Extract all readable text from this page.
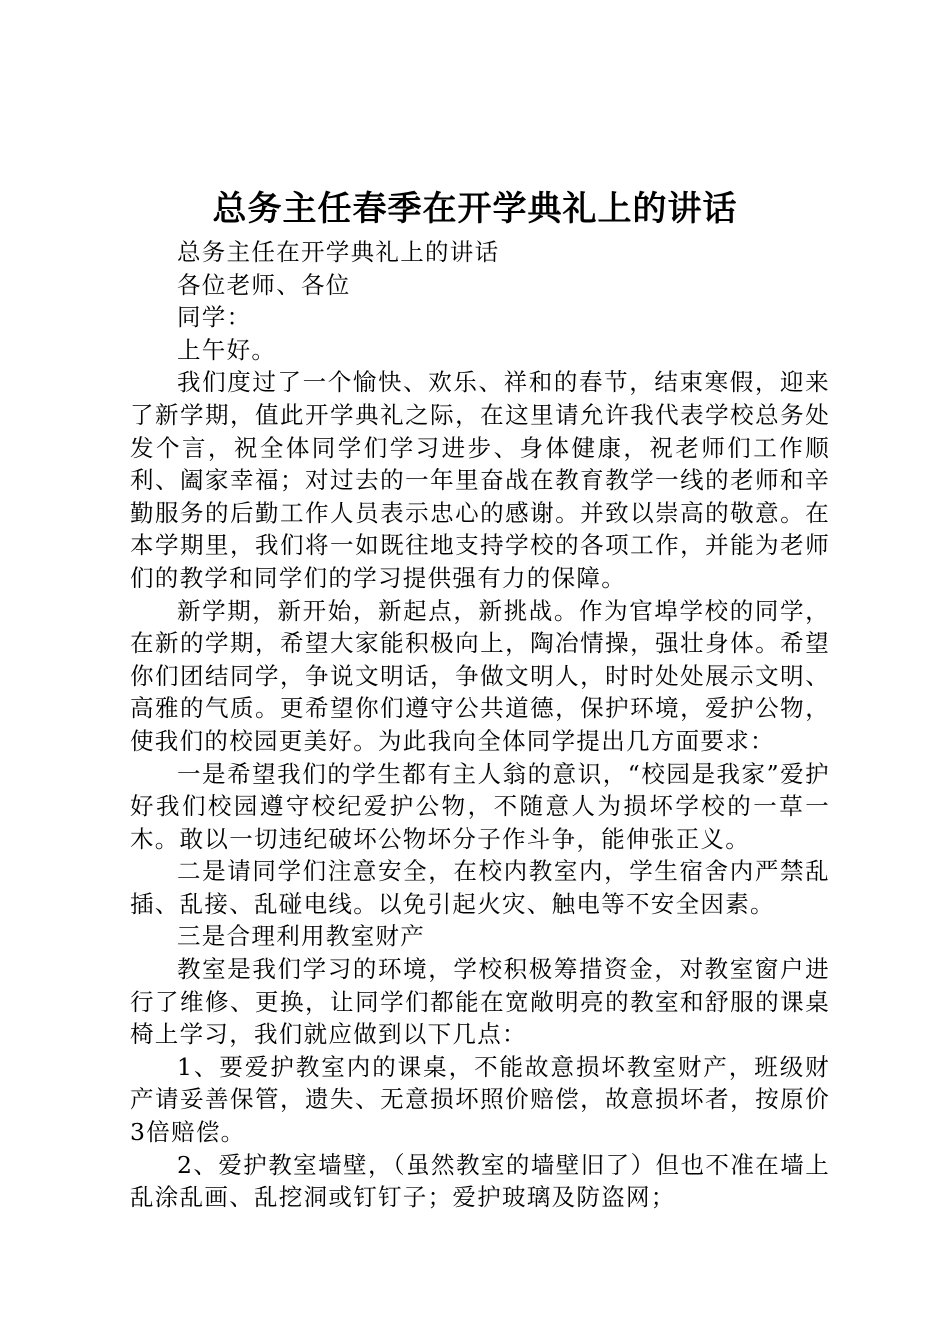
总务主任春季在开学典礼上的讲话

总务主任在开学典礼上的讲话

各位老师、各位

同学：

上午好。

我们度过了一个愉快、欢乐、祥和的春节，结束寒假，迎来了新学期，值此开学典礼之际，在这里请允许我代表学校总务处发个言，祝全体同学们学习进步、身体健康，祝老师们工作顺利、阖家幸福；对过去的一年里奋战在教育教学一线的老师和辛勤服务的后勤工作人员表示忠心的感谢。并致以崇高的敬意。在本学期里，我们将一如既往地支持学校的各项工作，并能为老师们的教学和同学们的学习提供强有力的保障。

新学期，新开始，新起点，新挑战。作为官埠学校的同学，在新的学期，希望大家能积极向上，陶冶情操，强壮身体。希望你们团结同学，争说文明话，争做文明人，时时处处展示文明、高雅的气质。更希望你们遵守公共道德，保护环境，爱护公物，使我们的校园更美好。为此我向全体同学提出几方面要求：

一是希望我们的学生都有主人翁的意识，“校园是我家”爱护好我们校园遵守校纪爱护公物，不随意人为损坏学校的一草一木。敢以一切违纪破坏公物坏分子作斗争，能伸张正义。

二是请同学们注意安全，在校内教室内，学生宿舍内严禁乱插、乱接、乱碰电线。以免引起火灾、触电等不安全因素。

三是合理利用教室财产

教室是我们学习的环境，学校积极筹措资金，对教室窗户进行了维修、更换，让同学们都能在宽敞明亮的教室和舒服的课桌椅上学习，我们就应做到以下几点：

1、要爱护教室内的课桌，不能故意损坏教室财产，班级财产请妥善保管，遗失、无意损坏照价赔偿，故意损坏者，按原价3倍赔偿。

2、爱护教室墙壁，（虽然教室的墙壁旧了）但也不准在墙上乱涂乱画、乱挖洞或钉钉子；爱护玻璃及防盗网；
